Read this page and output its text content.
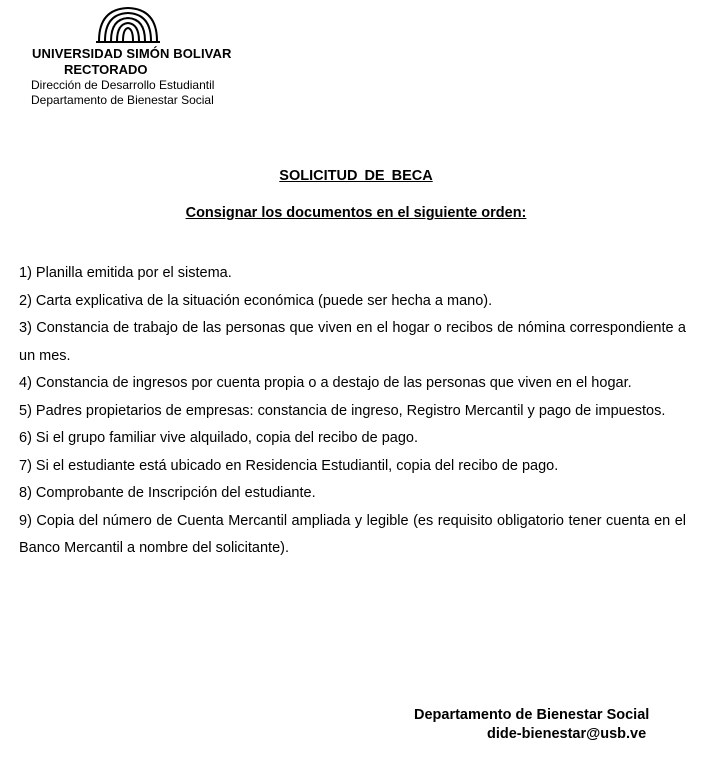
UNIVERSIDAD SIMÓN BOLIVAR
RECTORADO
Dirección de Desarrollo Estudiantil
Departamento de Bienestar Social
SOLICITUD DE BECA
Consignar los documentos en el siguiente orden:
1) Planilla emitida por el sistema.
2) Carta explicativa de la situación económica (puede ser hecha a mano).
3) Constancia de trabajo de las personas que viven en el hogar o recibos de nómina correspondiente a un mes.
4) Constancia de ingresos por cuenta propia o a destajo de las personas que viven en el hogar.
5) Padres propietarios de empresas: constancia de ingreso, Registro Mercantil y pago de impuestos.
6) Si el grupo familiar vive alquilado, copia del recibo de pago.
7) Si el estudiante está ubicado en Residencia Estudiantil, copia del recibo de pago.
8) Comprobante de Inscripción del estudiante.
9) Copia del número de Cuenta Mercantil ampliada y legible (es requisito obligatorio tener cuenta en el Banco Mercantil a nombre del solicitante).
Departamento de Bienestar Social
dide-bienestar@usb.ve
